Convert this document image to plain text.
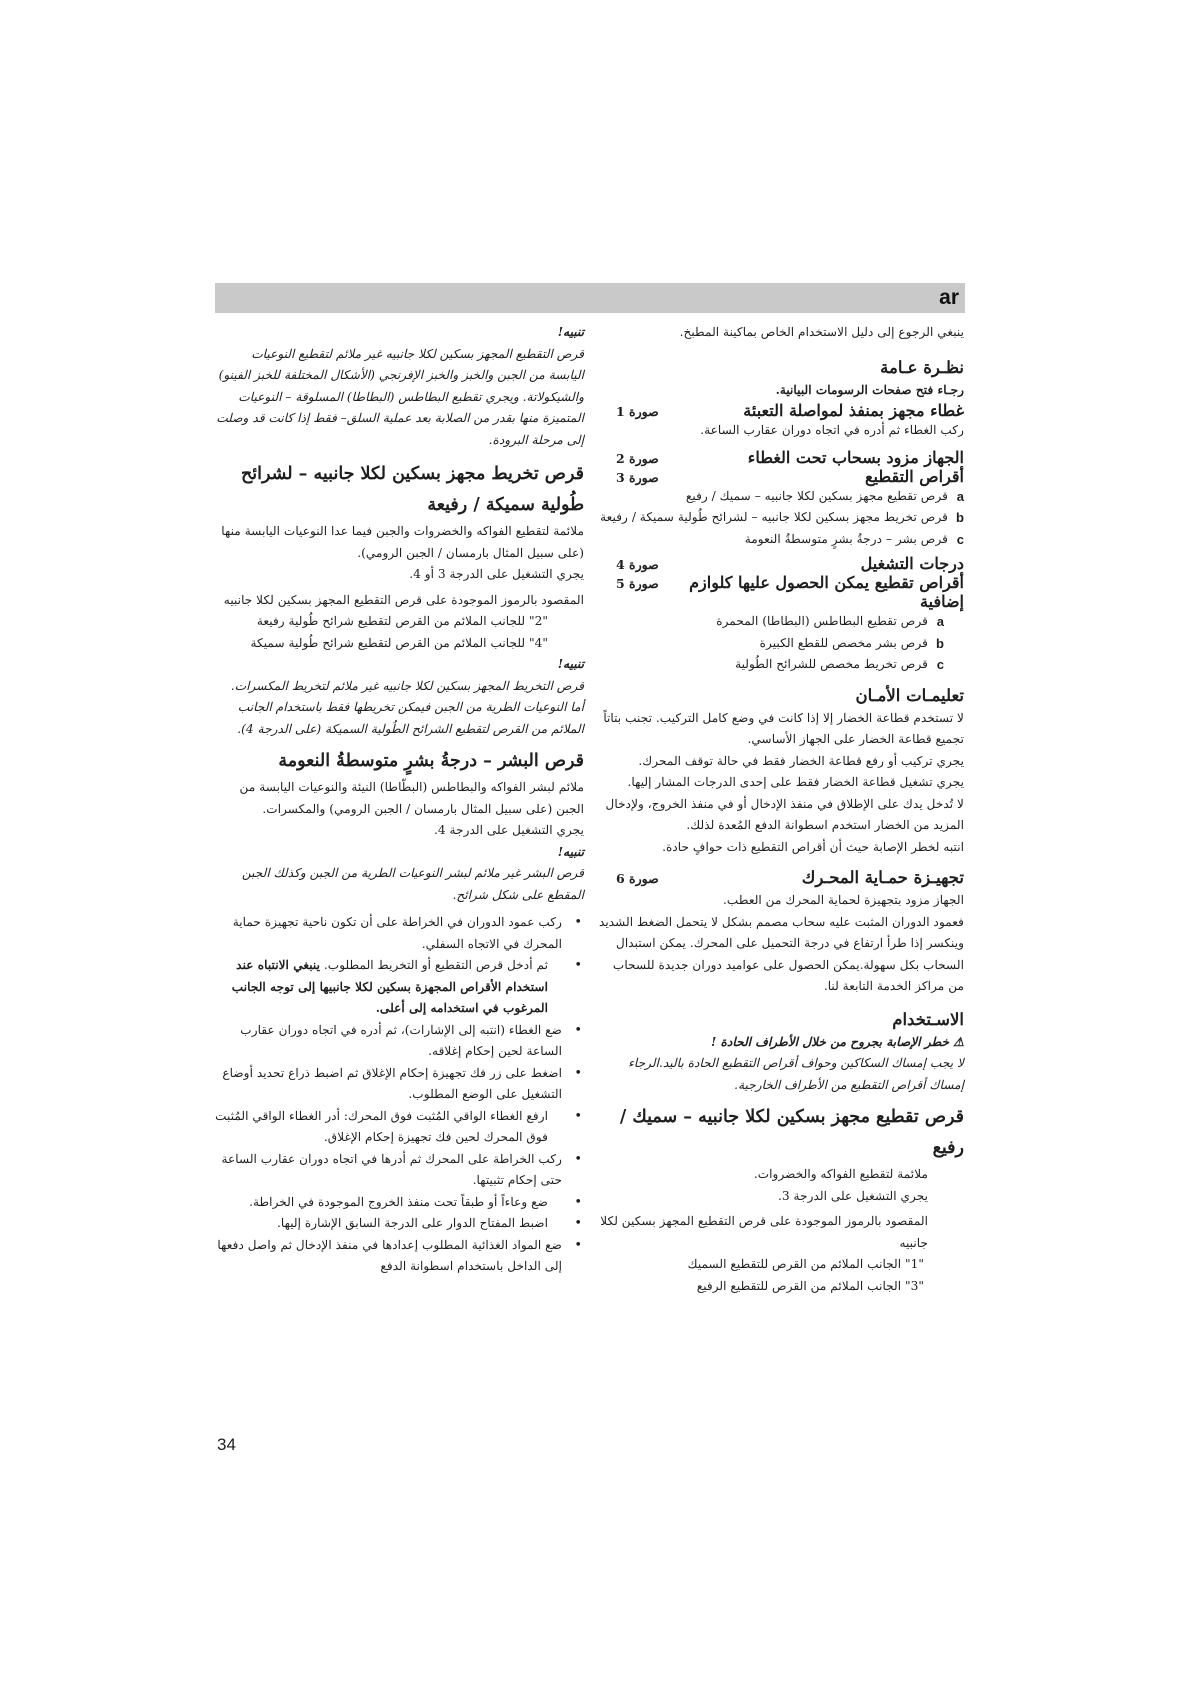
ar

ينبغي الرجوع إلى دليل الاستخدام الخاص بماكينة المطبخ.

نظـرة عـامة

رجـاء فتح صفحات الرسومات البيانية.

غطاء مجهز بمنفذ لمواصلة التعبئة
صورة 1

ركب الغطاء ثم أدره في اتجاه دوران عقارب الساعة.

الجهاز مزود بسحاب تحت الغطاء
صورة 2
أقراص التقطيع
صورة 3

a
قرص تقطيع مجهز بسكين لكلا جانبيه – سميك / رفيع

b
قرص تخريط مجهز بسكين لكلا جانبيه – لشرائح طُولية سميكة / رفيعة

c
قرص بشر – درجةُ بشرٍ متوسطةُ النعومة

درجات التشغيل
صورة 4
أقراص تقطيع يمكن الحصول عليها كلوازم إضافية
صورة 5

a
قرص تقطيع البطاطس (البطاطا) المحمرة

b
قرص بشر مخصص للقطع الكبيرة

c
قرص تخريط مخصص للشرائح الطُولية

تعليمـات الأمـان

لا تستخدم قطاعة الخضار إلا إذا كانت في وضع كامل التركيب. تجنب بتاتاً تجميع قطاعة الخضار على الجهاز الأساسي.

يجري تركيب أو رفع قطاعة الخضار فقط في حالة توقف المحرك.

يجري تشغيل قطاعة الخضار فقط على إحدى الدرجات المشار إليها.

لا تُدخل يدك على الإطلاق في منفذ الإدخال أو في منفذ الخروج، ولإدخال المزيد من الخضار استخدم اسطوانة الدفع المُعدة لذلك.

انتبه لخطر الإصابة حيث أن أقراص التقطيع ذات حوافٍ حادة.

تجهيـزة حمـاية المحـرك
صورة 6

الجهاز مزود بتجهيزة لحماية المحرك من العطب.

فعمود الدوران المثبت عليه سحاب مصمم بشكل لا يتحمل الضغط الشديد وينكسر إذا طرأ ارتفاع في درجة التحميل على المحرك. يمكن استبدال السحاب بكل سهولة.يمكن الحصول على عواميد دوران جديدة للسحاب من مراكز الخدمة التابعة لنا.

الاسـتخدام

⚠خطر الإصابة بجروح من خلال الأطراف الحادة !

لا يجب إمساك السكاكين وحواف أقراص التقطيع الحادة باليد.الرجاء إمساك أقراص التقطيع من الأطراف الخارجية.

قرص تقطيع مجهز بسكين لكلا جانبيه – سميك / رفيع

ملائمة لتقطيع الفواكه والخضروات.

يجري التشغيل على الدرجة 3.

المقصود بالرموز الموجودة على قرص التقطيع المجهز بسكين لكلا جانبيه

"1" الجانب الملائم من القرص للتقطيع السميك

"3" الجانب الملائم من القرص للتقطيع الرفيع

تنبيه!

قرص التقطيع المجهز بسكين لكلا جانبيه غير ملائم لتقطيع النوعيات اليابسة من الجبن والخبز والخبز الإفرنجي (الأشكال المختلفة للخبز الفينو) والشيكولاتة. ويجري تقطيع البطاطس (البطاطا) المسلوقة – النوعيات المتميزة منها بقدر من الصلابة بعد عملية السلق– فقط إذا كانت قد وصلت إلى مرحلة البرودة.

قرص تخريط مجهز بسكين لكلا جانبيه – لشرائح طُولية سميكة / رفيعة

ملائمة لتقطيع الفواكه والخضروات والجبن فيما عدا النوعيات اليابسة منها (على سبيل المثال بارمسان / الجبن الرومي).

يجري التشغيل على الدرجة 3 أو 4.

المقصود بالرموز الموجودة على قرص التقطيع المجهز بسكين لكلا جانبيه

"2" للجانب الملائم من القرص لتقطيع شرائح طُولية رفيعة

"4" للجانب الملائم من القرص لتقطيع شرائح طُولية سميكة

تنبيه!

قرص التخريط المجهز بسكين لكلا جانبيه غير ملائم لتخريط المكسرات. أما النوعيات الطرية من الجبن فيمكن تخريطها فقط باستخدام الجانب الملائم من القرص لتقطيع الشرائح الطُولية السميكة (على الدرجة 4).

قرص البشر – درجةُ بشرٍ متوسطةُ النعومة

ملائم لبشر الفواكه والبطاطس (البطّاطا) النيئة والنوعيات اليابسة من الجبن (على سبيل المثال بارمسان / الجبن الرومي) والمكسرات.

يجري التشغيل على الدرجة 4.

تنبيه!

قرص البشر غير ملائم لبشر النوعيات الطرية من الجبن وكذلك الجبن المقطع على شكل شرائح.

• ركب عمود الدوران في الخراطة على أن تكون ناحية تجهيزة حماية المحرك في الاتجاه السفلي.

• ثم أدخل قرص التقطيع أو التخريط المطلوب. ينبغي الانتباه عند استخدام الأقراص المجهزة بسكين لكلا جانبيها إلى توجه الجانب المرغوب في استخدامه إلى أعلى.

• ضع الغطاء (انتبه إلى الإشارات)، ثم أدره في اتجاه دوران عقارب الساعة لحين إحكام إغلاقه.

• اضغط على زر فك تجهيزة إحكام الإغلاق ثم اضبط ذراع تحديد أوضاع التشغيل على الوضع المطلوب.

• ارفع الغطاء الواقي المُثبت فوق المحرك: أدر الغطاء الواقي المُثبت فوق المحرك لحين فك تجهيزة إحكام الإغلاق.

• ركب الخراطة على المحرك ثم أدرها في اتجاه دوران عقارب الساعة حتى إحكام تثبيتها.

• ضع وعاءاً أو طبقاً تحت منفذ الخروج الموجودة في الخراطة.

• اضبط المفتاح الدوار على الدرجة السابق الإشارة إليها.

• ضع المواد الغذائية المطلوب إعدادها في منفذ الإدخال ثم واصل دفعها إلى الداخل باستخدام اسطوانة الدفع

34
